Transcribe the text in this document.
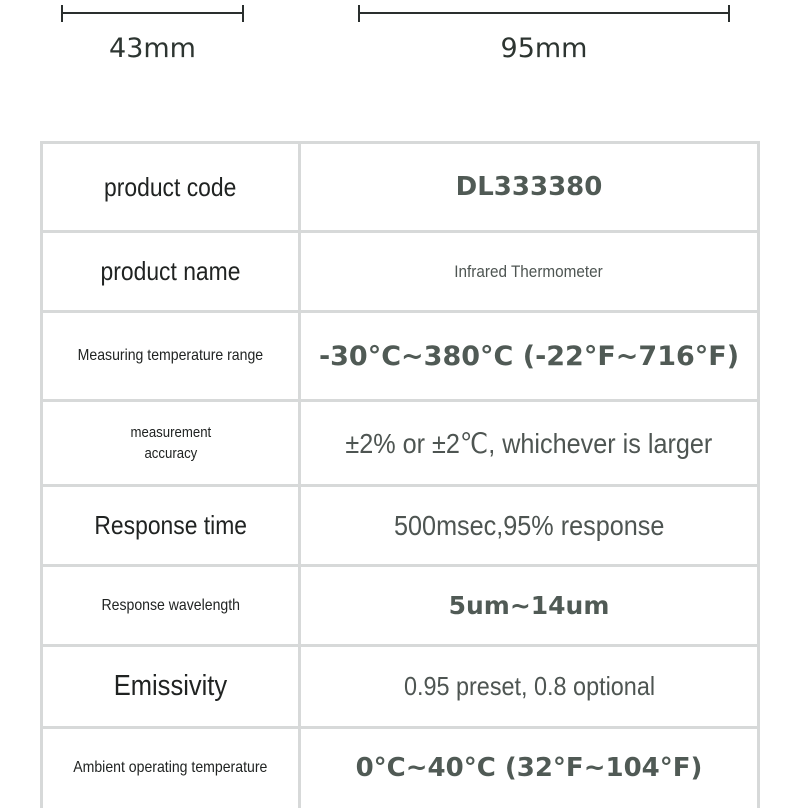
43mm	95mm
product code	DL333380
product name	Infrared Thermometer
Measuring temperature range	-30°C~380°C (-22°F~716°F)
measurement
accuracy	±2% or ±2℃, whichever is larger
Response time	500msec,95% response
Response wavelength	5um~14um
Emissivity	0.95 preset, 0.8 optional
Ambient operating temperature	0°C~40°C (32°F~104°F)
